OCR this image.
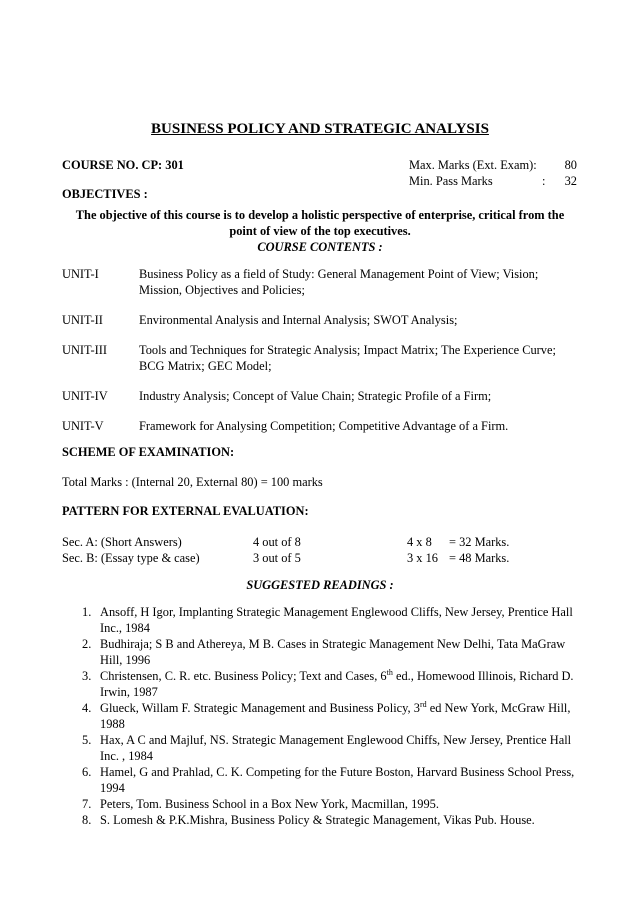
BUSINESS POLICY AND STRATEGIC ANALYSIS
COURSE NO. CP: 301	Max. Marks (Ext. Exam): 80
Min. Pass Marks	: 32
OBJECTIVES :
The objective of this course is to develop a holistic perspective of enterprise, critical from the point of view of the top executives.
COURSE CONTENTS :
UNIT-I	Business Policy as a field of Study: General Management Point of View; Vision; Mission, Objectives and Policies;
UNIT-II	Environmental Analysis and Internal Analysis; SWOT Analysis;
UNIT-III	Tools and Techniques for Strategic Analysis; Impact Matrix; The Experience Curve; BCG Matrix; GEC Model;
UNIT-IV	Industry Analysis; Concept of Value Chain; Strategic Profile of a Firm;
UNIT-V	Framework for Analysing Competition; Competitive Advantage of a Firm.
SCHEME OF EXAMINATION:
Total Marks : (Internal 20, External 80) = 100 marks
PATTERN FOR EXTERNAL EVALUATION:
Sec. A: (Short Answers)	4 out of 8	4 x 8 = 32 Marks.
Sec. B: (Essay type & case)	3 out of 5	3 x 16 = 48 Marks.
SUGGESTED READINGS :
1. Ansoff, H Igor, Implanting Strategic Management Englewood Cliffs, New Jersey, Prentice Hall Inc., 1984
2. Budhiraja; S B and Athereya, M B. Cases in Strategic Management New Delhi, Tata MaGraw Hill, 1996
3. Christensen, C. R. etc. Business Policy; Text and Cases, 6th ed., Homewood Illinois, Richard D. Irwin, 1987
4. Glueck, Willam F. Strategic Management and Business Policy, 3rd ed New York, McGraw Hill, 1988
5. Hax, A C and Majluf, NS. Strategic Management Englewood Chiffs, New Jersey, Prentice Hall Inc. , 1984
6. Hamel, G and Prahlad, C. K. Competing for the Future Boston, Harvard Business School Press, 1994
7. Peters, Tom. Business School in a Box New York, Macmillan, 1995.
8. S. Lomesh & P.K.Mishra, Business Policy & Strategic Management, Vikas Pub. House.
